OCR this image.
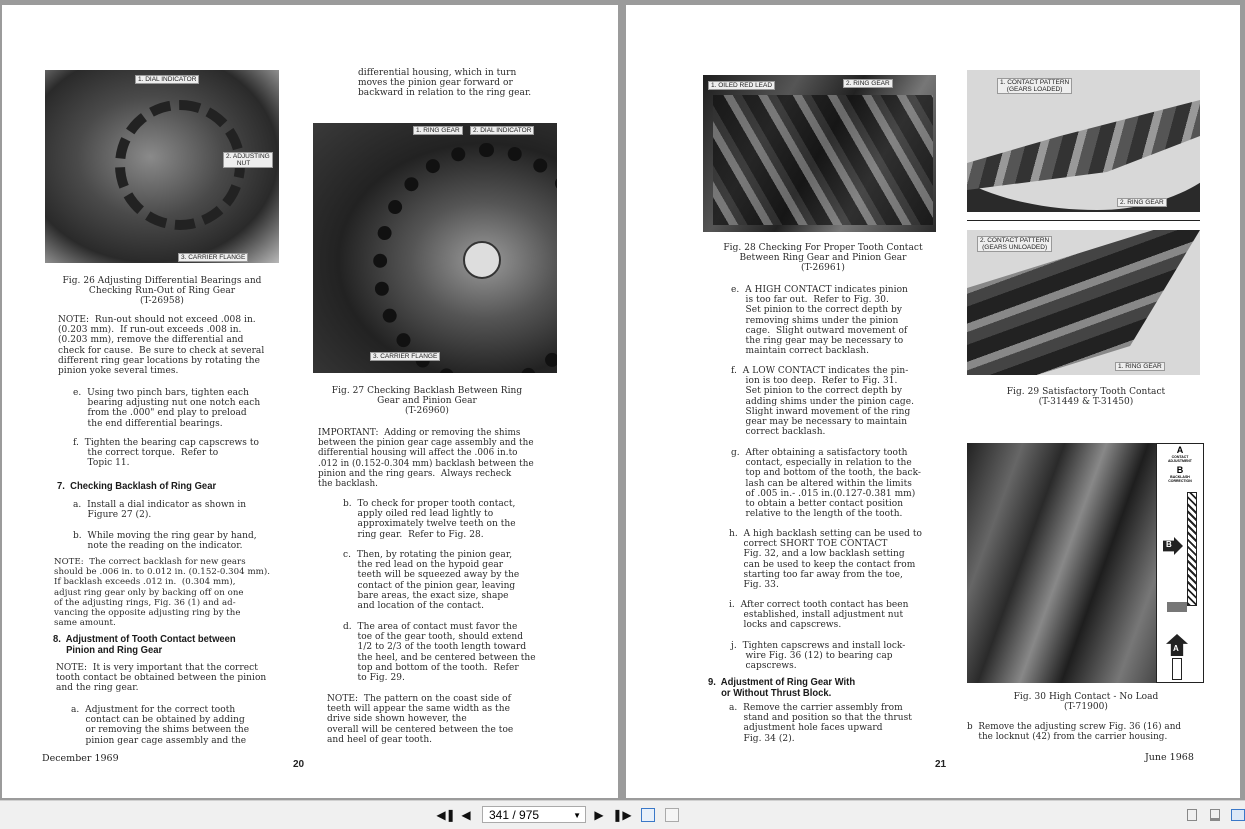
1. DIAL INDICATOR
2. ADJUSTING
NUT
3. CARRIER FLANGE
Fig. 26 Adjusting Differential Bearings and
Checking Run-Out of Ring Gear
(T-26958)
NOTE:  Run-out should not exceed .008 in.
(0.203 mm).  If run-out exceeds .008 in.
(0.203 mm), remove the differential and
check for cause.  Be sure to check at several
different ring gear locations by rotating the
pinion yoke several times.
e.  Using two pinch bars, tighten each
bearing adjusting nut one notch each
from the .000" end play to preload
the end differential bearings.
f.  Tighten the bearing cap capscrews to
the correct torque.  Refer to
Topic 11.
7.  Checking Backlash of Ring Gear
a.  Install a dial indicator as shown in
Figure 27 (2).
b.  While moving the ring gear by hand,
note the reading on the indicator.
NOTE:  The correct backlash for new gears
should be .006 in. to 0.012 in. (0.152-0.304 mm).
If backlash exceeds .012 in.  (0.304 mm),
adjust ring gear only by backing off on one
of the adjusting rings, Fig. 36 (1) and ad-
vancing the opposite adjusting ring by the
same amount.
8.  Adjustment of Tooth Contact between
Pinion and Ring Gear
NOTE:  It is very important that the correct
tooth contact be obtained between the pinion
and the ring gear.
a.  Adjustment for the correct tooth
contact can be obtained by adding
or removing the shims between the
pinion gear cage assembly and the
differential housing, which in turn
moves the pinion gear forward or
backward in relation to the ring gear.
1. RING GEAR	2. DIAL INDICATOR
3. CARRIER FLANGE
Fig. 27 Checking Backlash Between Ring
Gear and Pinion Gear
(T-26960)
IMPORTANT:  Adding or removing the shims
between the pinion gear cage assembly and the
differential housing will affect the .006 in.to
.012 in (0.152-0.304 mm) backlash between the
pinion and the ring gears.  Always recheck
the backlash.
b.  To check for proper tooth contact,
apply oiled red lead lightly to
approximately twelve teeth on the
ring gear.  Refer to Fig. 28.
c.  Then, by rotating the pinion gear,
the red lead on the hypoid gear
teeth will be squeezed away by the
contact of the pinion gear, leaving
bare areas, the exact size, shape
and location of the contact.
d.  The area of contact must favor the
toe of the gear tooth, should extend
1/2 to 2/3 of the tooth length toward
the heel, and be centered between the
top and bottom of the tooth.  Refer
to Fig. 29.
NOTE:  The pattern on the coast side of
teeth will appear the same width as the
drive side shown however, the
overall will be centered between the toe
and heel of gear tooth.
December 1969
20
1. OILED RED LEAD	2. RING GEAR
Fig. 28 Checking For Proper Tooth Contact
Between Ring Gear and Pinion Gear
(T-26961)
e.  A HIGH CONTACT indicates pinion
is too far out.  Refer to Fig. 30.
Set pinion to the correct depth by
removing shims under the pinion
cage.  Slight outward movement of
the ring gear may be necessary to
maintain correct backlash.
f.  A LOW CONTACT indicates the pin-
ion is too deep.  Refer to Fig. 31.
Set pinion to the correct depth by
adding shims under the pinion cage.
Slight inward movement of the ring
gear may be necessary to maintain
correct backlash.
g.  After obtaining a satisfactory tooth
contact, especially in relation to the
top and bottom of the tooth, the back-
lash can be altered within the limits
of .005 in.- .015 in.(0.127-0.381 mm)
to obtain a better contact position
relative to the length of the tooth.
h.  A high backlash setting can be used to
correct SHORT TOE CONTACT
Fig. 32, and a low backlash setting
can be used to keep the contact from
starting too far away from the toe,
Fig. 33.
i.  After correct tooth contact has been
established, install adjustment nut
locks and capscrews.
j.  Tighten capscrews and install lock-
wire Fig. 36 (12) to bearing cap
capscrews.
9.  Adjustment of Ring Gear With
or Without Thrust Block.
a.  Remove the carrier assembly from
stand and position so that the thrust
adjustment hole faces upward
Fig. 34 (2).
1. CONTACT PATTERN
(GEARS LOADED)
2. RING GEAR
2. CONTACT PATTERN
(GEARS UNLOADED)
1. RING GEAR
Fig. 29 Satisfactory Tooth Contact
(T-31449 & T-31450)
A
CONTACT
ADJUSTMENT
B
BACKLASH
CORRECTION
B
A
Fig. 30 High Contact - No Load
(T-71900)
b  Remove the adjusting screw Fig. 36 (16) and
the locknut (42) from the carrier housing.
21
June 1968
◀❚ ◀	341 / 975	▼ ▶ ❚▶
